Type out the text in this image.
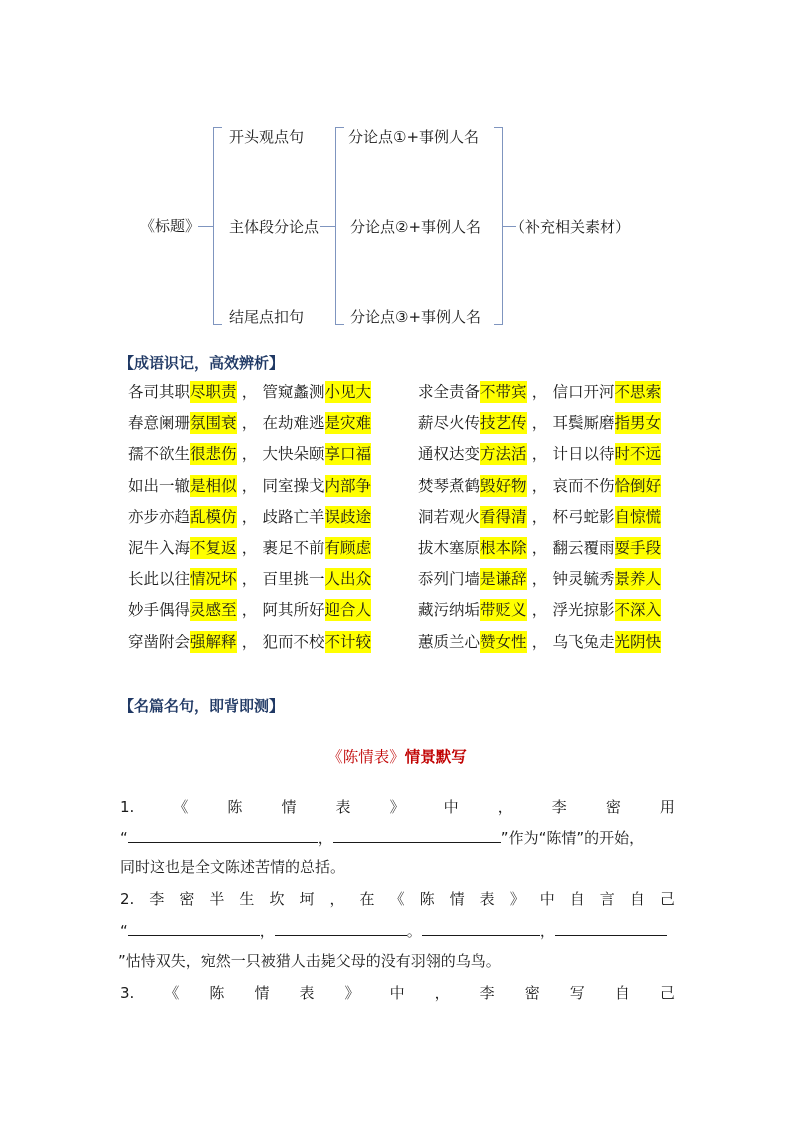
《标题》
开头观点句
主体段分论点
结尾点扣句
分论点①+事例人名
分论点②+事例人名
分论点③+事例人名
（补充相关素材）
【成语识记，高效辨析】
各司其职尽职责 ， 管窥蠡测小见大	求全责备不带宾 ， 信口开河不思索
春意阑珊氛围衰 ， 在劫难逃是灾难	薪尽火传技艺传 ， 耳鬓厮磨指男女
孺不欲生很悲伤 ， 大快朵颐享口福	通权达变方法活 ， 计日以待时不远
如出一辙是相似 ， 同室操戈内部争	焚琴煮鹤毁好物 ， 哀而不伤恰倒好
亦步亦趋乱模仿 ， 歧路亡羊误歧途	洞若观火看得清 ， 杯弓蛇影自惊慌
泥牛入海不复返 ， 裹足不前有顾虑	拔木塞原根本除 ， 翻云覆雨耍手段
长此以往情况坏 ， 百里挑一人出众	忝列门墙是谦辞 ， 钟灵毓秀景养人
妙手偶得灵感至 ， 阿其所好迎合人	藏污纳垢带贬义 ， 浮光掠影不深入
穿凿附会强解释 ， 犯而不校不计较	蕙质兰心赞女性 ， 乌飞兔走光阴快
【名篇名句，即背即测】
《陈情表》情景默写
1.	《	陈	情	表	》	中	，	李	密	用
“	，	”作为“陈情”的开始，
同时这也是全文陈述苦情的总括。
2. 李 密 半 生 坎 坷 ， 在 《 陈 情 表 》 中 自 言 自 己
“	，	。	，
”怙恃双失，宛然一只被猎人击毙父母的没有羽翎的乌鸟。
3. 《 陈 情 表 》 中 ， 李 密 写 自 己
